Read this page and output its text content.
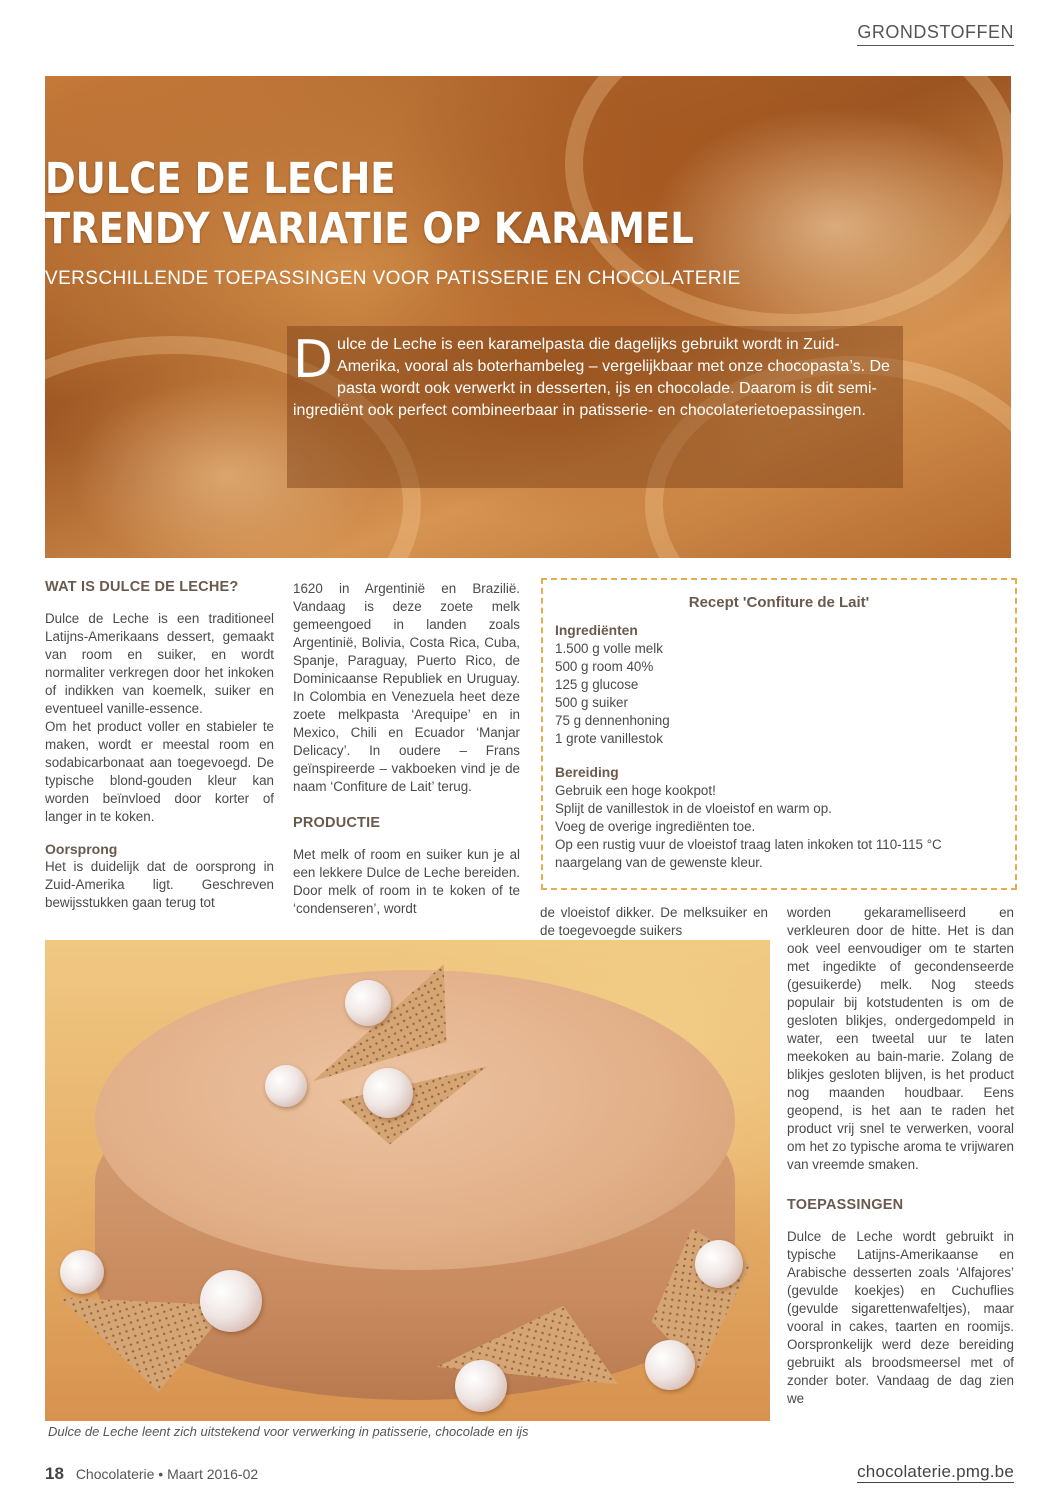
GRONDSTOFFEN
DULCE DE LECHE
TRENDY VARIATIE OP KARAMEL
VERSCHILLENDE TOEPASSINGEN VOOR PATISSERIE EN CHOCOLATERIE
D ulce de Leche is een karamelpasta die dagelijks gebruikt wordt in Zuid-Amerika, vooral als boterhambeleg – vergelijkbaar met onze chocopasta’s. De pasta wordt ook verwerkt in desserten, ijs en chocolade. Daarom is dit semi-ingrediënt ook perfect combineerbaar in patisserie- en chocolaterietoepassingen.
WAT IS DULCE DE LECHE?

Dulce de Leche is een traditioneel Latijns-Amerikaans dessert, gemaakt van room en suiker, en wordt normaliter verkregen door het inkoken of indikken van koemelk, suiker en eventueel vanille-essence.

Om het product voller en stabieler te maken, wordt er meestal room en sodabicarbonaat aan toegevoegd. De typische blond-gouden kleur kan worden beïnvloed door korter of langer in te koken.

Oorsprong

Het is duidelijk dat de oorsprong in Zuid-Amerika ligt. Geschreven bewijsstukken gaan terug tot

1620 in Argentinië en Brazilië. Vandaag is deze zoete melk gemeengoed in landen zoals Argentinië, Bolivia, Costa Rica, Cuba, Spanje, Paraguay, Puerto Rico, de Dominicaanse Republiek en Uruguay. In Colombia en Venezuela heet deze zoete melkpasta ‘Arequipe’ en in Mexico, Chili en Ecuador ‘Manjar Delicacy’. In oudere – Frans geïnspireerde – vakboeken vind je de naam ‘Confiture de Lait’ terug.

PRODUCTIE

Met melk of room en suiker kun je al een lekkere Dulce de Leche bereiden. Door melk of room in te koken of te ‘condenseren’, wordt

Recept 'Confiture de Lait'
Ingrediënten
1.500 g volle melk
500 g room 40%
125 g glucose
500 g suiker
75 g dennenhoning
1 grote vanillestok
Bereiding
Gebruik een hoge kookpot!
Splijt de vanillestok in de vloeistof en warm op.
Voeg de overige ingrediënten toe.
Op een rustig vuur de vloeistof traag laten inkoken tot 110-115 °C naargelang van de gewenste kleur.

de vloeistof dikker. De melksuiker en de toegevoegde suikers

worden gekaramelliseerd en verkleuren door de hitte. Het is dan ook veel eenvoudiger om te starten met ingedikte of gecondenseerde (gesuikerde) melk. Nog steeds populair bij kotstudenten is om de gesloten blikjes, ondergedompeld in water, een tweetal uur te laten meekoken au bain-marie. Zolang de blikjes gesloten blijven, is het product nog maanden houdbaar. Eens geopend, is het aan te raden het product vrij snel te verwerken, vooral om het zo typische aroma te vrijwaren van vreemde smaken.

TOEPASSINGEN

Dulce de Leche wordt gebruikt in typische Latijns-Amerikaanse en Arabische desserten zoals ‘Alfajores’ (gevulde koekjes) en Cuchuflies (gevulde sigarettenwafeltjes), maar vooral in cakes, taarten en roomijs. Oorspronkelijk werd deze bereiding gebruikt als broodsmeersel met of zonder boter. Vandaag de dag zien we

Dulce de Leche leent zich uitstekend voor verwerking in patisserie, chocolade en ijs
18 Chocolaterie • Maart 2016-02	chocolaterie.pmg.be
